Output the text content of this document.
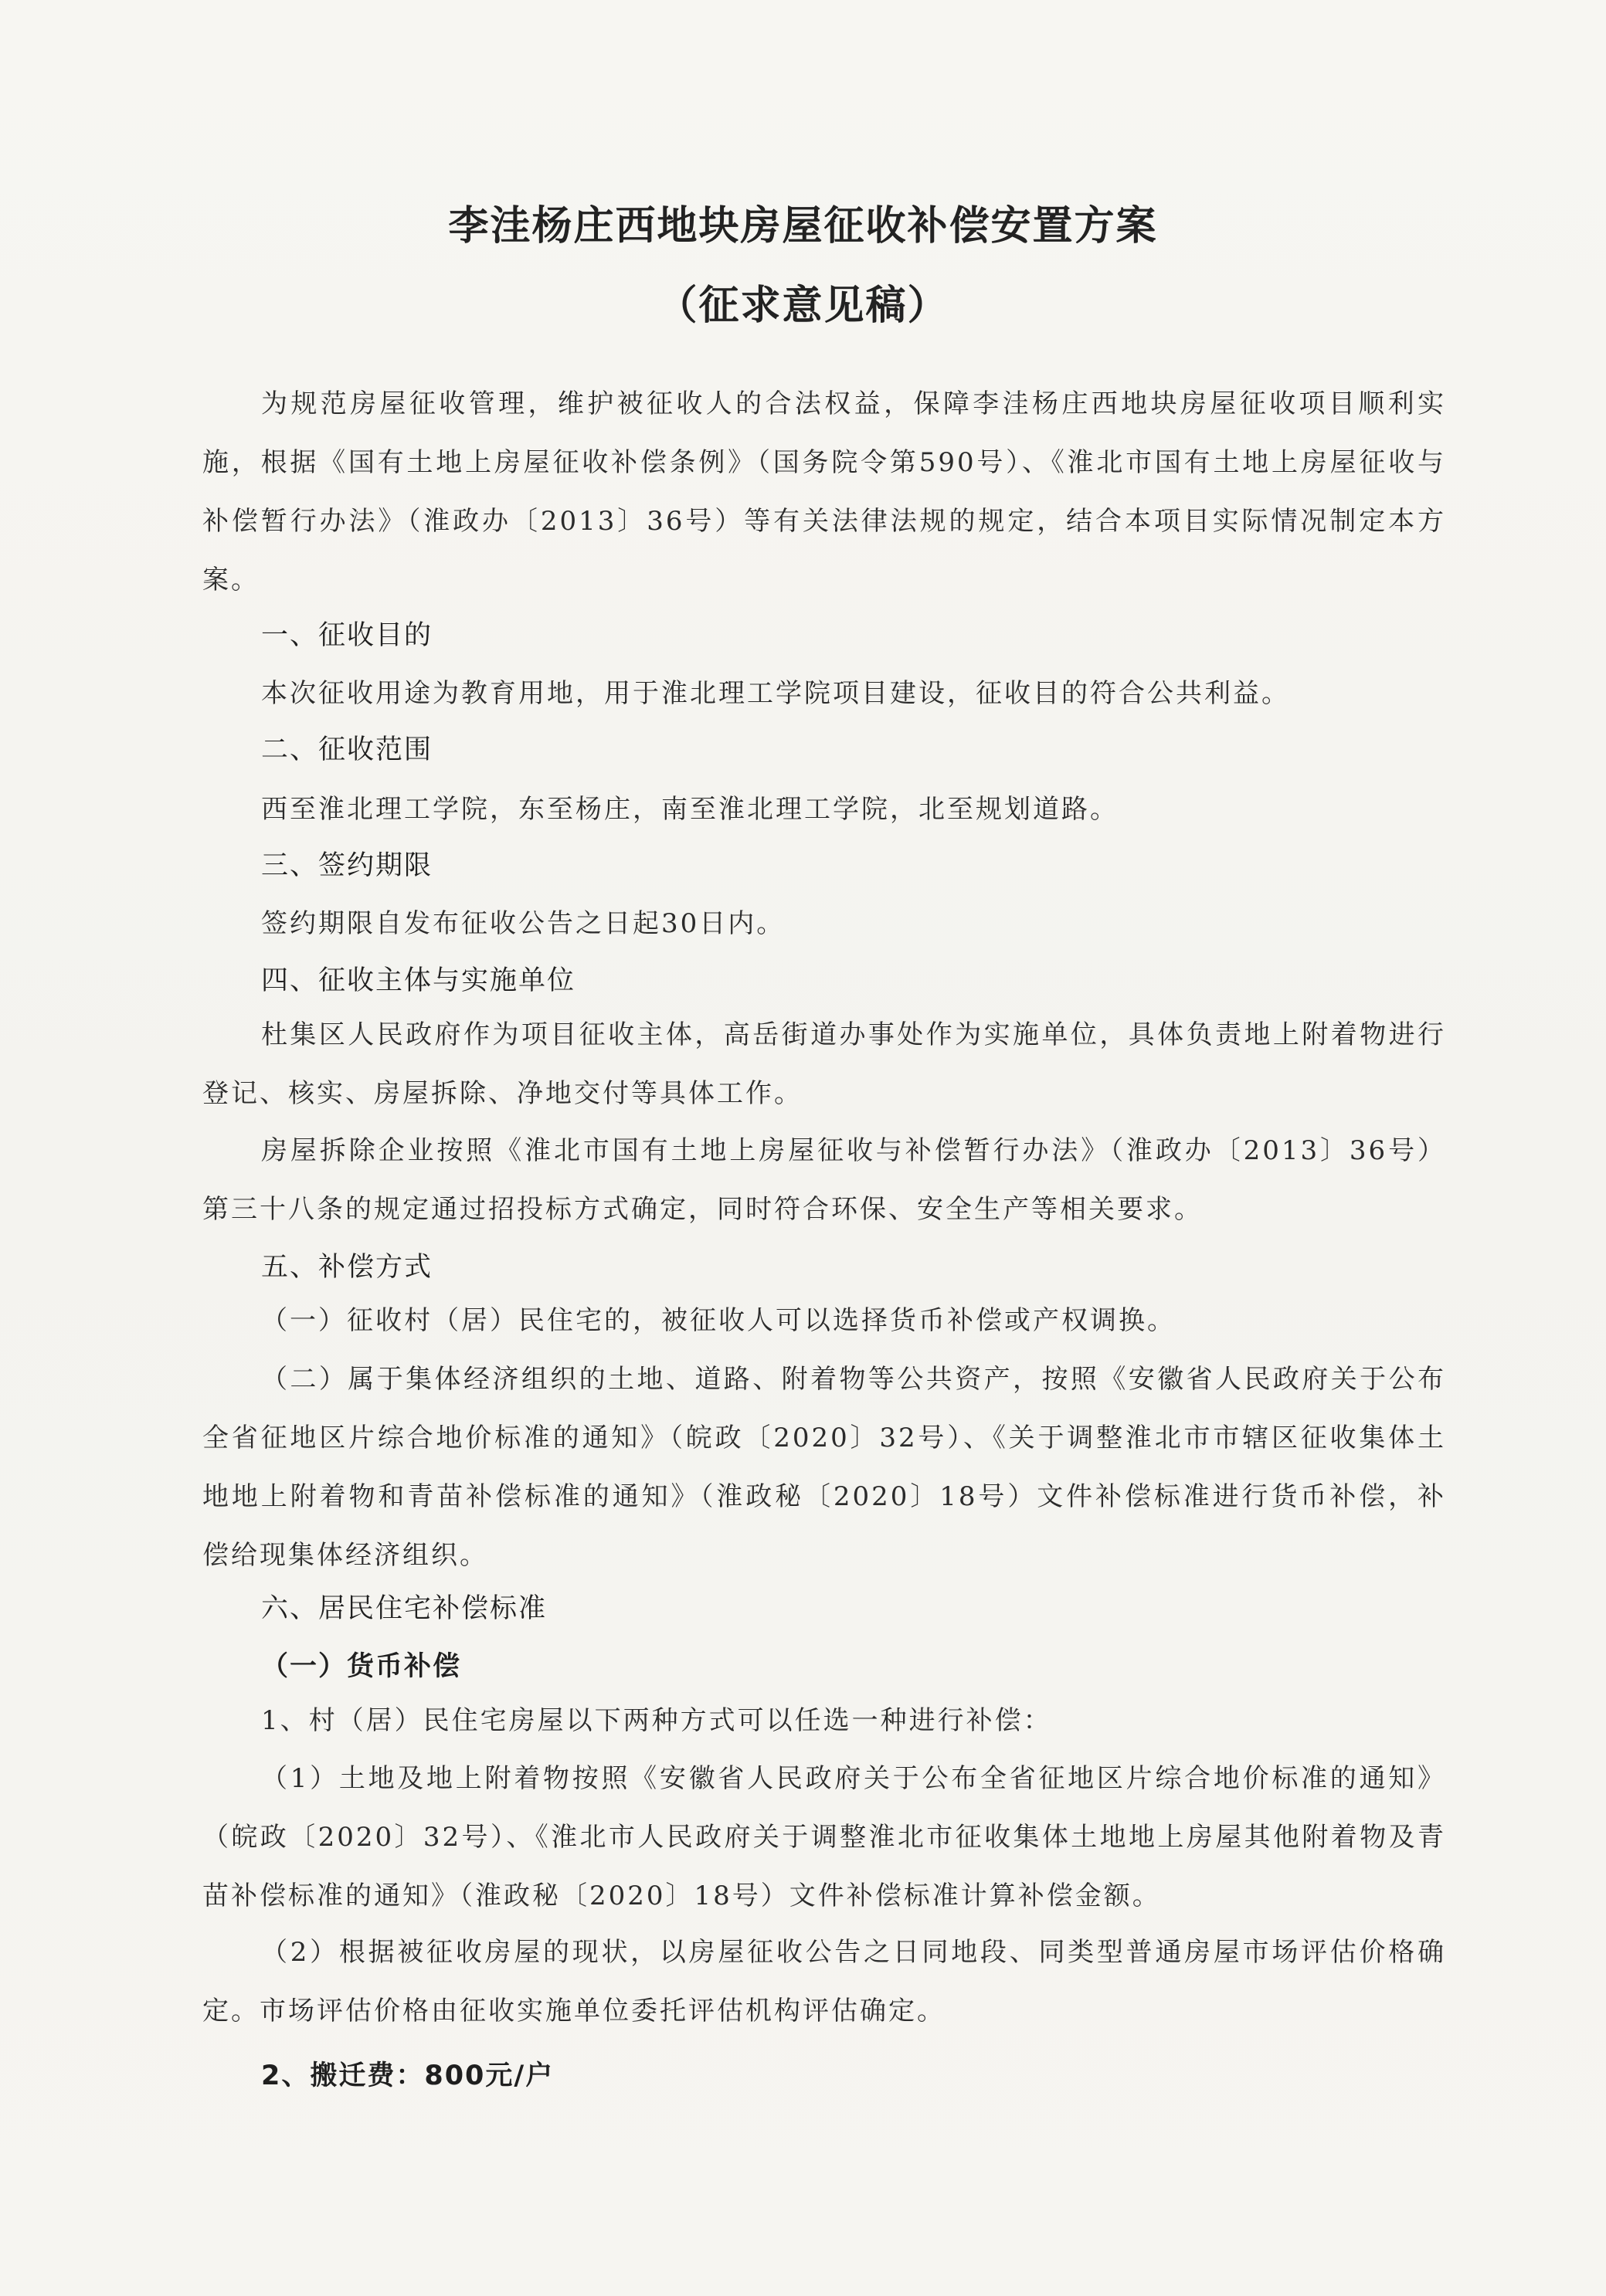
李洼杨庄西地块房屋征收补偿安置方案
（征求意见稿）

为规范房屋征收管理，维护被征收人的合法权益，保障李洼杨庄西地块房屋征收项目顺利实施，根据《国有土地上房屋征收补偿条例》（国务院令第590号）、《淮北市国有土地上房屋征收与补偿暂行办法》（淮政办〔2013〕36号）等有关法律法规的规定，结合本项目实际情况制定本方案。

一、征收目的

本次征收用途为教育用地，用于淮北理工学院项目建设，征收目的符合公共利益。

二、征收范围

西至淮北理工学院，东至杨庄，南至淮北理工学院，北至规划道路。

三、签约期限

签约期限自发布征收公告之日起30日内。

四、征收主体与实施单位

杜集区人民政府作为项目征收主体，高岳街道办事处作为实施单位，具体负责地上附着物进行登记、核实、房屋拆除、净地交付等具体工作。

房屋拆除企业按照《淮北市国有土地上房屋征收与补偿暂行办法》（淮政办〔2013〕36号）第三十八条的规定通过招投标方式确定，同时符合环保、安全生产等相关要求。

五、补偿方式

（一）征收村（居）民住宅的，被征收人可以选择货币补偿或产权调换。

（二）属于集体经济组织的土地、道路、附着物等公共资产，按照《安徽省人民政府关于公布全省征地区片综合地价标准的通知》（皖政〔2020〕32号）、《关于调整淮北市市辖区征收集体土地地上附着物和青苗补偿标准的通知》（淮政秘〔2020〕18号）文件补偿标准进行货币补偿，补偿给现集体经济组织。

六、居民住宅补偿标准

（一）货币补偿

1、村（居）民住宅房屋以下两种方式可以任选一种进行补偿：

（1）土地及地上附着物按照《安徽省人民政府关于公布全省征地区片综合地价标准的通知》（皖政〔2020〕32号）、《淮北市人民政府关于调整淮北市征收集体土地地上房屋其他附着物及青苗补偿标准的通知》（淮政秘〔2020〕18号）文件补偿标准计算补偿金额。

（2）根据被征收房屋的现状，以房屋征收公告之日同地段、同类型普通房屋市场评估价格确定。市场评估价格由征收实施单位委托评估机构评估确定。

2、搬迁费：800元/户
